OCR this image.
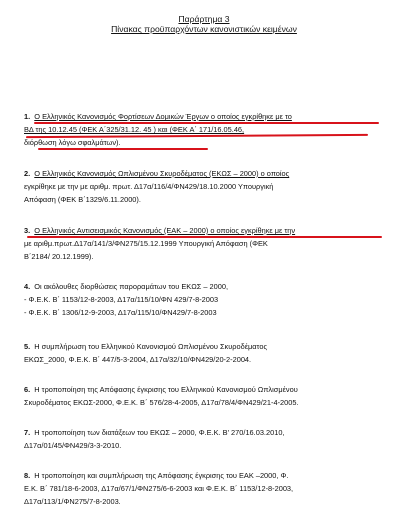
Παράρτημα 3
Πίνακας προϋπαρχόντων κανονιστικών κειμένων

1. Ο Ελληνικός Κανονισμός Φορτίσεων Δομικών Έργων ο οποίος εγκρίθηκε με το

ΒΔ της 10.12.45 (ΦΕΚ Α΄325/31.12. 45 ) και (ΦΕΚ Α΄ 171/16.05.46,

διόρθωση λόγω σφαλμάτων).

2. Ο Ελληνικός Κανονισμός Ωπλισμένου Σκυροδέματος (ΕΚΩΣ – 2000) ο οποίος

εγκρίθηκε με την με αριθμ. πρωτ. Δ17α/116/4/ΦΝ429/18.10.2000 Υπουργική

Απόφαση (ΦΕΚ Β΄1329/6.11.2000).

3. Ο Ελληνικός Αντισεισμικός Κανονισμός (ΕΑΚ – 2000) ο οποίος εγκρίθηκε με την

με αριθμ.πρωτ.Δ17α/141/3/ΦΝ275/15.12.1999 Υπουργική Απόφαση (ΦΕΚ

Β΄2184/ 20.12.1999).

4. Οι ακόλουθες διορθώσεις παροραμάτων του ΕΚΩΣ – 2000,

- Φ.Ε.Κ. Β΄ 1153/12-8-2003, Δ17α/115/10/ΦΝ 429/7-8-2003

- Φ.Ε.Κ. Β΄ 1306/12-9-2003, Δ17α/115/10/ΦΝ429/7-8-2003

5. Η συμπλήρωση του Ελληνικού Κανονισμού Ωπλισμένου Σκυροδέματος

ΕΚΩΣ_2000, Φ.Ε.Κ. Β΄ 447/5-3-2004, Δ17α/32/10/ΦΝ429/20-2-2004.

6. Η τροποποίηση της Απόφασης έγκρισης του Ελληνικού Κανονισμού Ωπλισμένου

Σκυροδέματος ΕΚΩΣ-2000, Φ.Ε.Κ. Β΄ 576/28-4-2005, Δ17α/78/4/ΦΝ429/21-4-2005.

7. Η τροποποίηση των διατάξεων του ΕΚΩΣ – 2000, Φ.Ε.Κ. Β' 270/16.03.2010,

Δ17α/01/45/ΦΝ429/3-3-2010.

8. Η τροποποίηση και συμπλήρωση της Απόφασης έγκρισης του ΕΑΚ –2000, Φ.

Ε.Κ. Β΄ 781/18-6-2003, Δ17α/67/1/ΦΝ275/6-6-2003 και Φ.Ε.Κ. Β΄ 1153/12-8-2003,

Δ17α/113/1/ΦΝ275/7-8-2003.
